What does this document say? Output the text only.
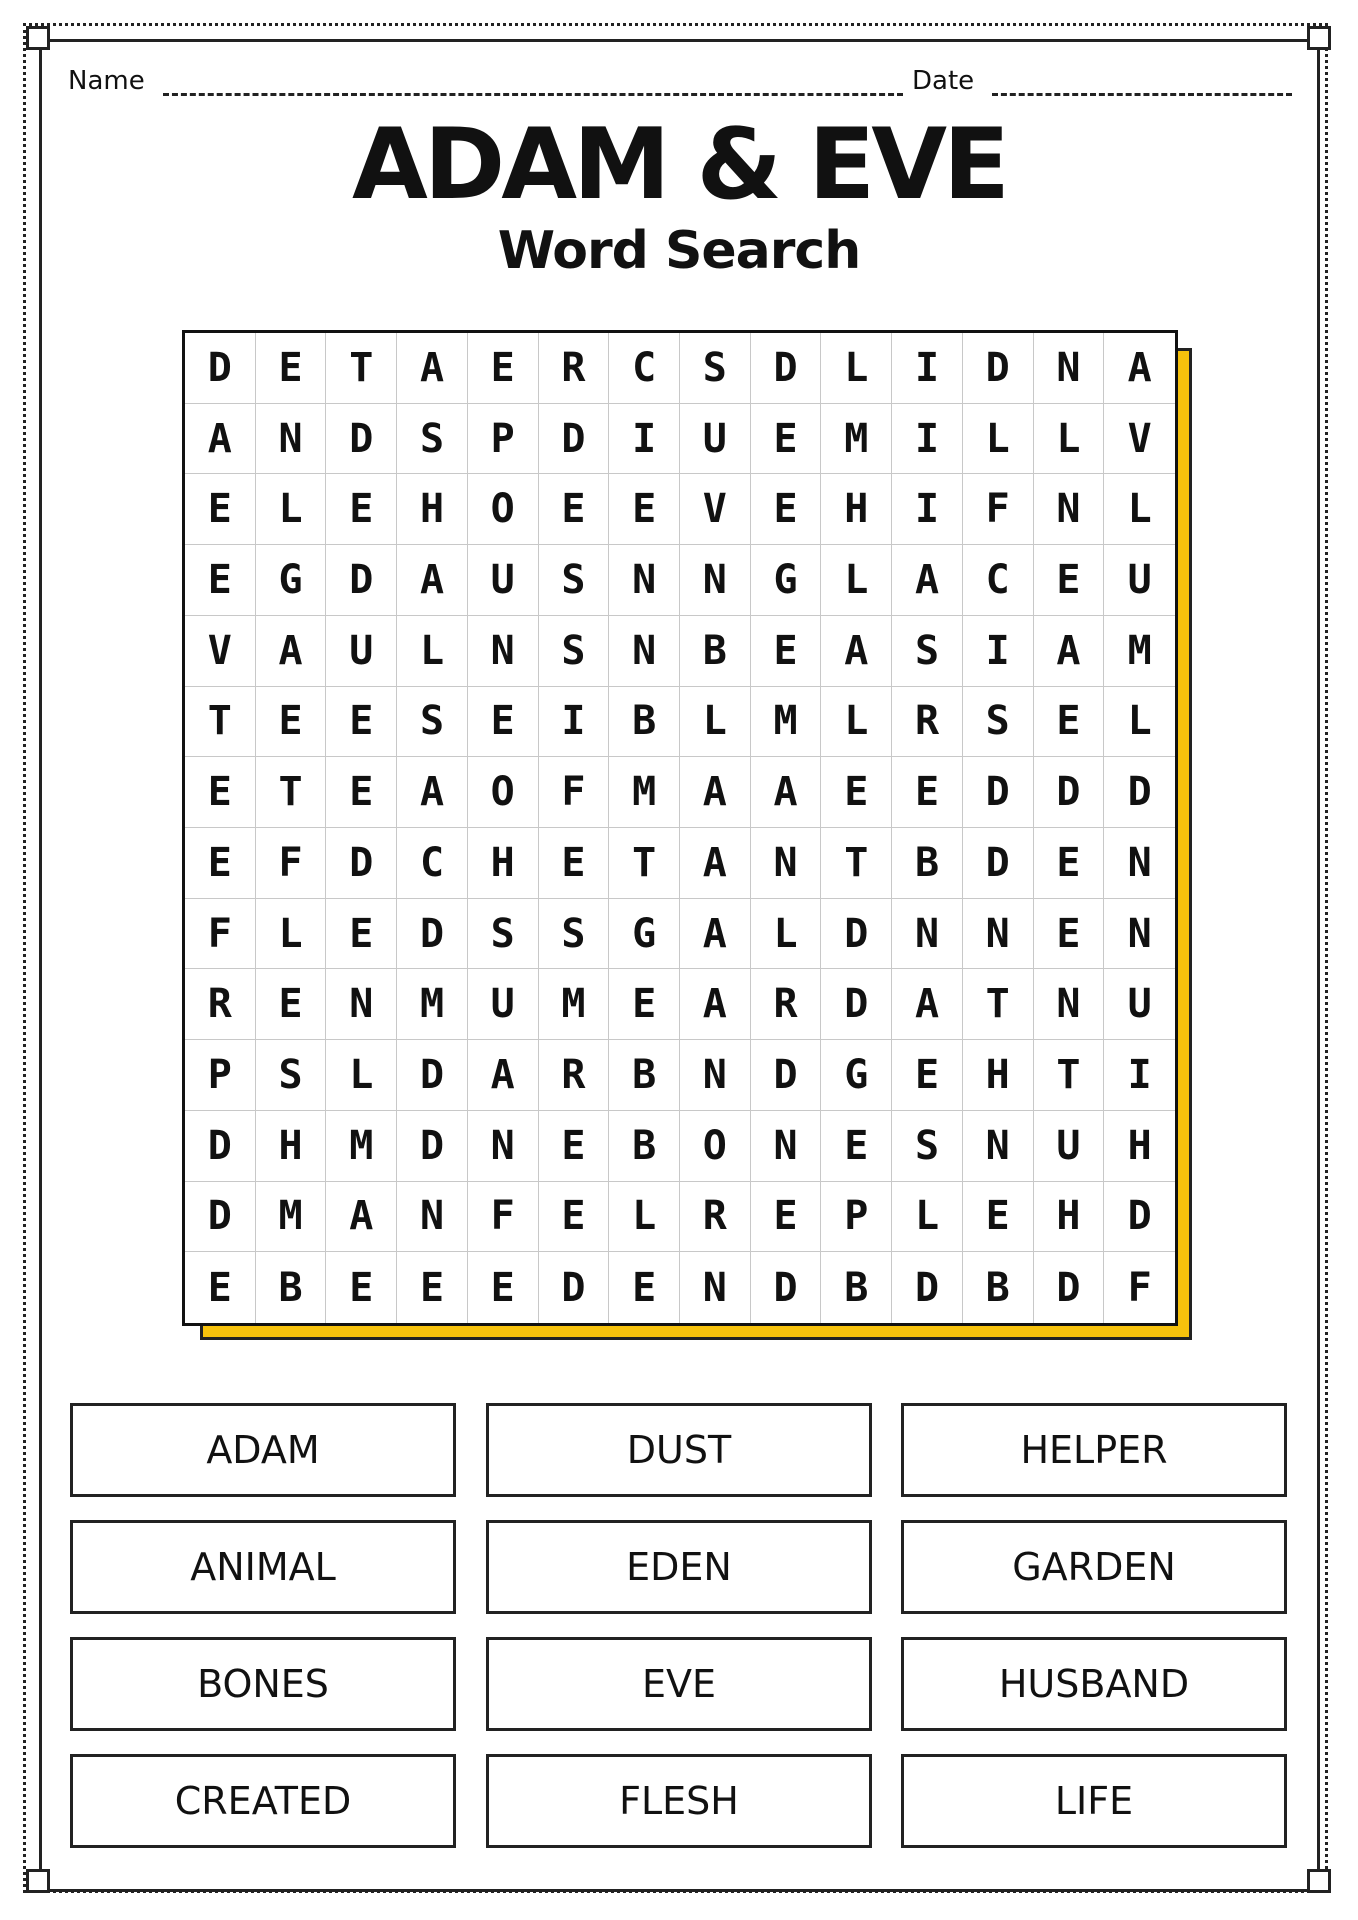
Name	Date
ADAM & EVE
Word Search
D	E	T	A	E	R	C	S	D	L	I	D	N	A
A	N	D	S	P	D	I	U	E	M	I	L	L	V
E	L	E	H	O	E	E	V	E	H	I	F	N	L
E	G	D	A	U	S	N	N	G	L	A	C	E	U
V	A	U	L	N	S	N	B	E	A	S	I	A	M
T	E	E	S	E	I	B	L	M	L	R	S	E	L
E	T	E	A	O	F	M	A	A	E	E	D	D	D
E	F	D	C	H	E	T	A	N	T	B	D	E	N
F	L	E	D	S	S	G	A	L	D	N	N	E	N
R	E	N	M	U	M	E	A	R	D	A	T	N	U
P	S	L	D	A	R	B	N	D	G	E	H	T	I
D	H	M	D	N	E	B	O	N	E	S	N	U	H
D	M	A	N	F	E	L	R	E	P	L	E	H	D
E	B	E	E	E	D	E	N	D	B	D	B	D	F
ADAM	DUST	HELPER
ANIMAL	EDEN	GARDEN
BONES	EVE	HUSBAND
CREATED	FLESH	LIFE
